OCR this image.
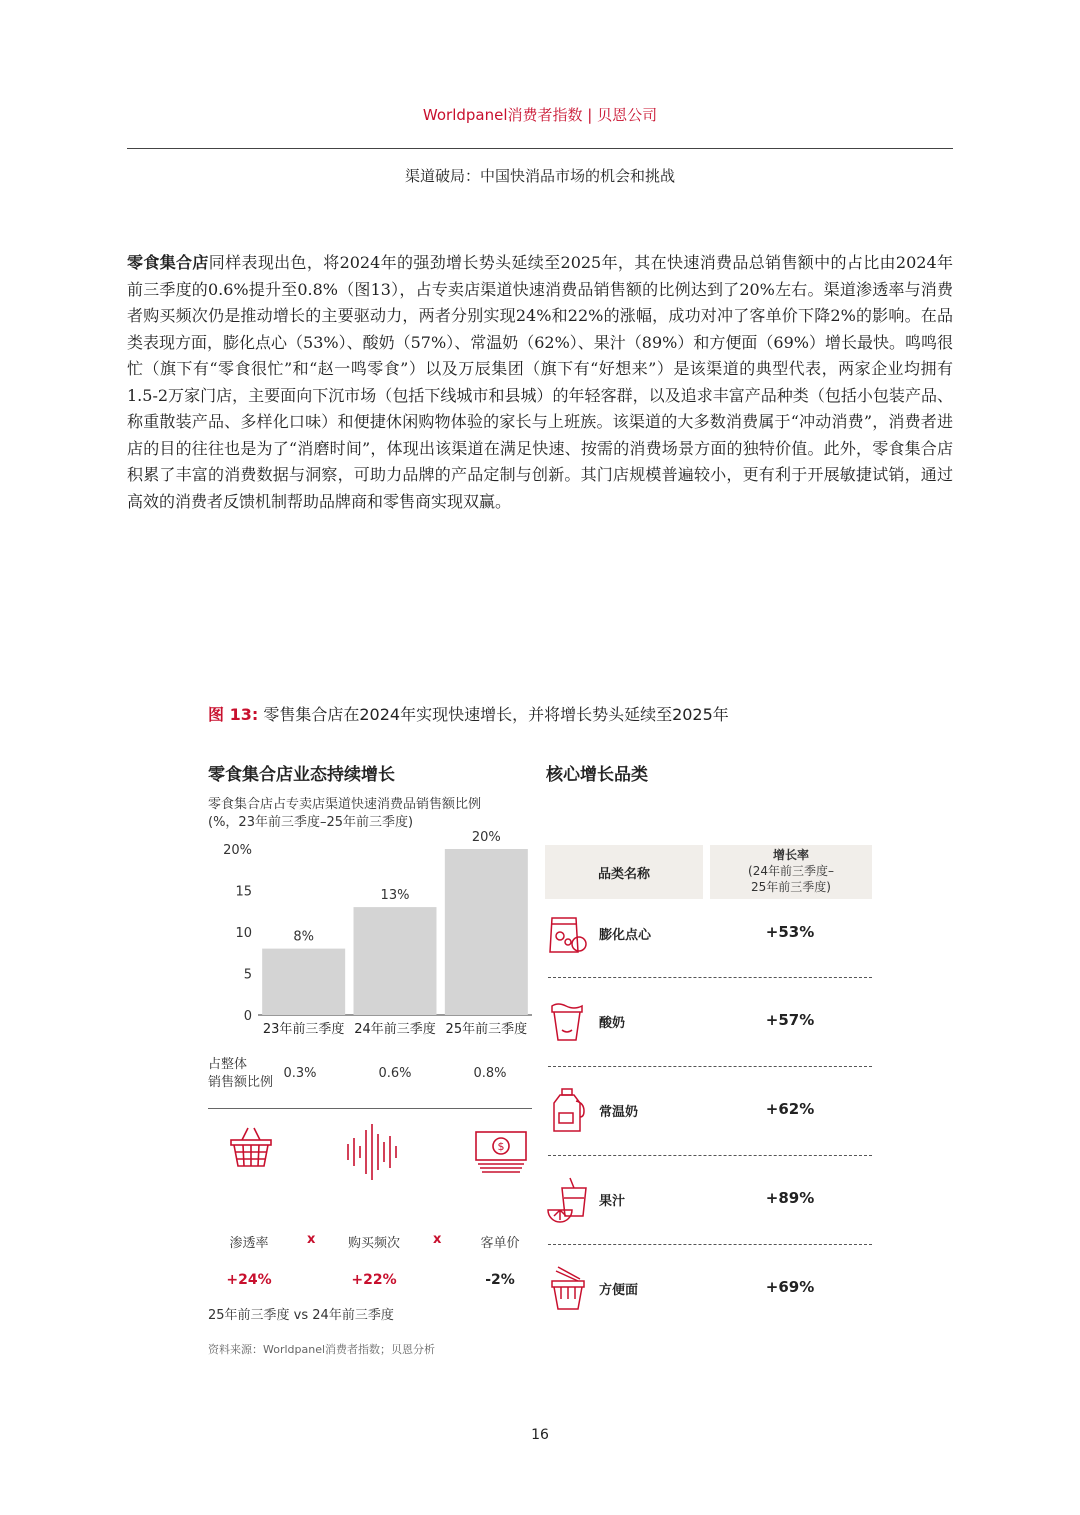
Worldpanel消费者指数 | 贝恩公司
渠道破局：中国快消品市场的机会和挑战
零食集合店同样表现出色，将2024年的强劲增长势头延续至2025年，其在快速消费品总销售额中的占比由2024年前三季度的0.6%提升至0.8%（图13），占专卖店渠道快速消费品销售额的比例达到了20%左右。渠道渗透率与消费者购买频次仍是推动增长的主要驱动力，两者分别实现24%和22%的涨幅，成功对冲了客单价下降2%的影响。在品类表现方面，膨化点心（53%）、酸奶（57%）、常温奶（62%）、果汁（89%）和方便面（69%）增长最快。鸣鸣很忙（旗下有“零食很忙”和“赵一鸣零食”）以及万辰集团（旗下有“好想来”）是该渠道的典型代表，两家企业均拥有1.5-2万家门店，主要面向下沉市场（包括下线城市和县城）的年轻客群，以及追求丰富产品种类（包括小包装产品、称重散装产品、多样化口味）和便捷休闲购物体验的家长与上班族。该渠道的大多数消费属于“冲动消费”，消费者进店的目的往往也是为了“消磨时间”，体现出该渠道在满足快速、按需的消费场景方面的独特价值。此外，零食集合店积累了丰富的消费数据与洞察，可助力品牌的产品定制与创新。其门店规模普遍较小，更有利于开展敏捷试销，通过高效的消费者反馈机制帮助品牌商和零售商实现双赢。
图 13: 零售集合店在2024年实现快速增长，并将增长势头延续至2025年
零食集合店业态持续增长
零食集合店占专卖店渠道快速消费品销售额比例
(%，23年前三季度–25年前三季度)
0
5
10
15
20%
8%
23年前三季度
13%
24年前三季度
20%
25年前三季度
占整体
销售额比例
0.3%	0.6%	0.8%
$
渗透率	x	购买频次	x	客单价
+24%	+22%	-2%
25年前三季度 vs 24年前三季度
核心增长品类
品类名称
增长率
(24年前三季度–
25年前三季度)
膨化点心	+53%
酸奶	+57%
常温奶	+62%
果汁	+89%
方便面	+69%
资料来源：Worldpanel消费者指数；贝恩分析
16
